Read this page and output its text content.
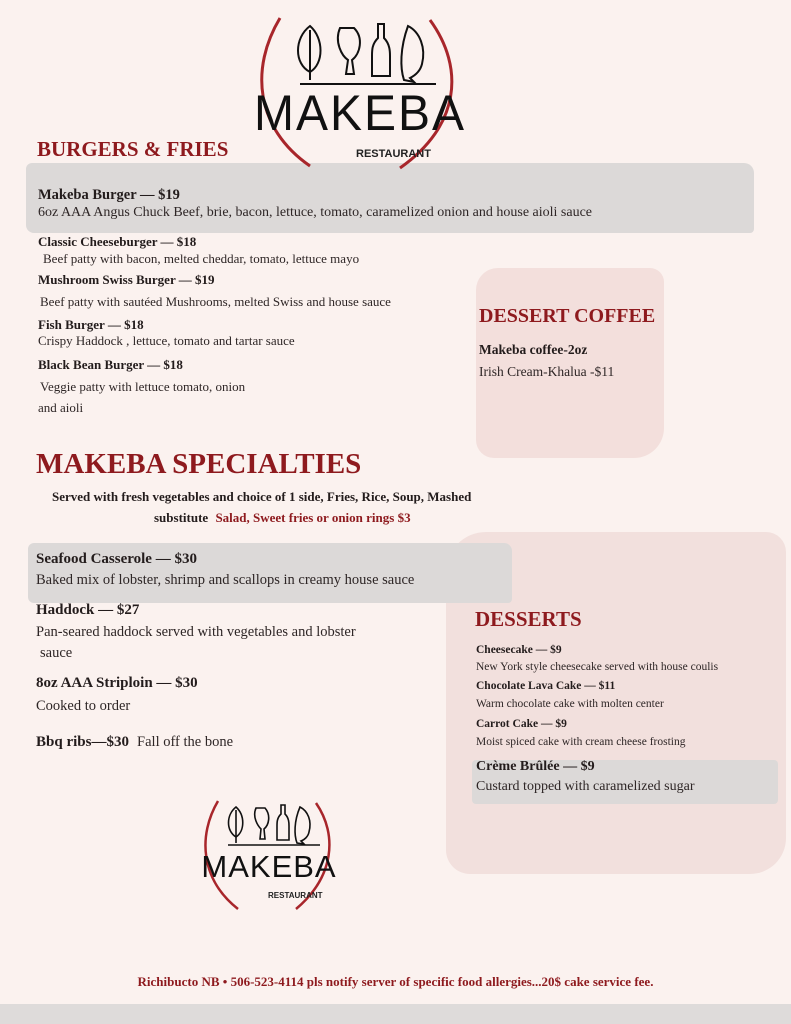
MAKEBA
RESTAURANT
BURGERS & FRIES
Makeba Burger — $19
6oz AAA Angus Chuck Beef, brie, bacon, lettuce, tomato, caramelized onion and house aioli sauce
Classic Cheeseburger — $18
Beef patty with bacon, melted cheddar, tomato, lettuce mayo
Mushroom Swiss Burger — $19
Beef patty with sautéed Mushrooms, melted Swiss and house sauce
Fish Burger — $18
Crispy Haddock , lettuce, tomato and tartar sauce
Black Bean Burger — $18
Veggie patty with lettuce tomato, onion
and aioli
DESSERT COFFEE
Makeba coffee-2oz
Irish Cream-Khalua -$11
MAKEBA SPECIALTIES
Served with fresh vegetables and choice of 1 side, Fries, Rice, Soup, Mashed
substitute Salad, Sweet fries or onion rings $3
Seafood Casserole — $30
Baked mix of lobster, shrimp and scallops in creamy house sauce
Haddock — $27
Pan-seared haddock served with vegetables and lobster
sauce
8oz AAA Striploin — $30
Cooked to order
Bbq ribs—$30 Fall off the bone
DESSERTS
Cheesecake — $9
New York style cheesecake served with house coulis
Chocolate Lava Cake — $11
Warm chocolate cake with molten center
Carrot Cake — $9
Moist spiced cake with cream cheese frosting
Crème Brûlée — $9
Custard topped with caramelized sugar
MAKEBA
RESTAURANT
Richibucto NB • 506-523-4114 pls notify server of specific food allergies...20$ cake service fee.
